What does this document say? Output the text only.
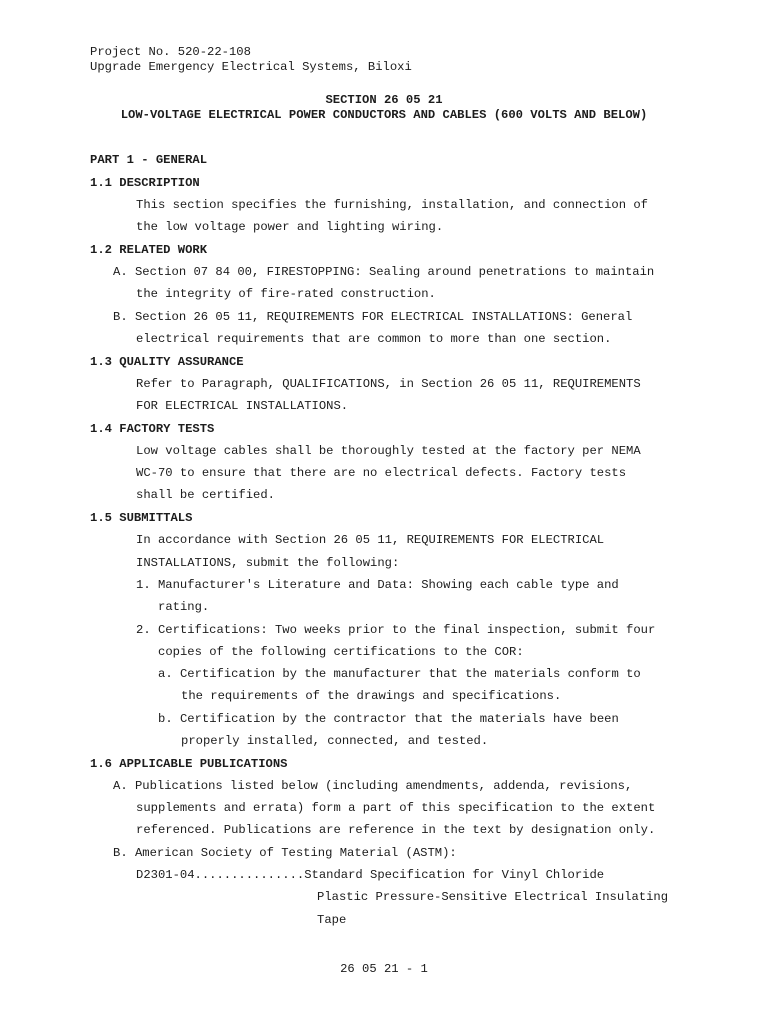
Project No. 520-22-108
Upgrade Emergency Electrical Systems, Biloxi
SECTION 26 05 21
LOW-VOLTAGE ELECTRICAL POWER CONDUCTORS AND CABLES (600 VOLTS AND BELOW)
PART 1 - GENERAL
1.1 DESCRIPTION
This section specifies the furnishing, installation, and connection of
the low voltage power and lighting wiring.
1.2 RELATED WORK
A. Section 07 84 00, FIRESTOPPING: Sealing around penetrations to maintain
the integrity of fire-rated construction.
B. Section 26 05 11, REQUIREMENTS FOR ELECTRICAL INSTALLATIONS: General
electrical requirements that are common to more than one section.
1.3 QUALITY ASSURANCE
Refer to Paragraph, QUALIFICATIONS, in Section 26 05 11, REQUIREMENTS
FOR ELECTRICAL INSTALLATIONS.
1.4 FACTORY TESTS
Low voltage cables shall be thoroughly tested at the factory per NEMA
WC-70 to ensure that there are no electrical defects. Factory tests
shall be certified.
1.5 SUBMITTALS
In accordance with Section 26 05 11, REQUIREMENTS FOR ELECTRICAL
INSTALLATIONS, submit the following:
1. Manufacturer's Literature and Data: Showing each cable type and
rating.
2. Certifications: Two weeks prior to the final inspection, submit four
copies of the following certifications to the COR:
a. Certification by the manufacturer that the materials conform to
the requirements of the drawings and specifications.
b. Certification by the contractor that the materials have been
properly installed, connected, and tested.
1.6 APPLICABLE PUBLICATIONS
A. Publications listed below (including amendments, addenda, revisions,
supplements and errata) form a part of this specification to the extent
referenced. Publications are reference in the text by designation only.
B. American Society of Testing Material (ASTM):
D2301-04...............Standard Specification for Vinyl Chloride
Plastic Pressure-Sensitive Electrical Insulating
Tape
26 05 21 - 1
